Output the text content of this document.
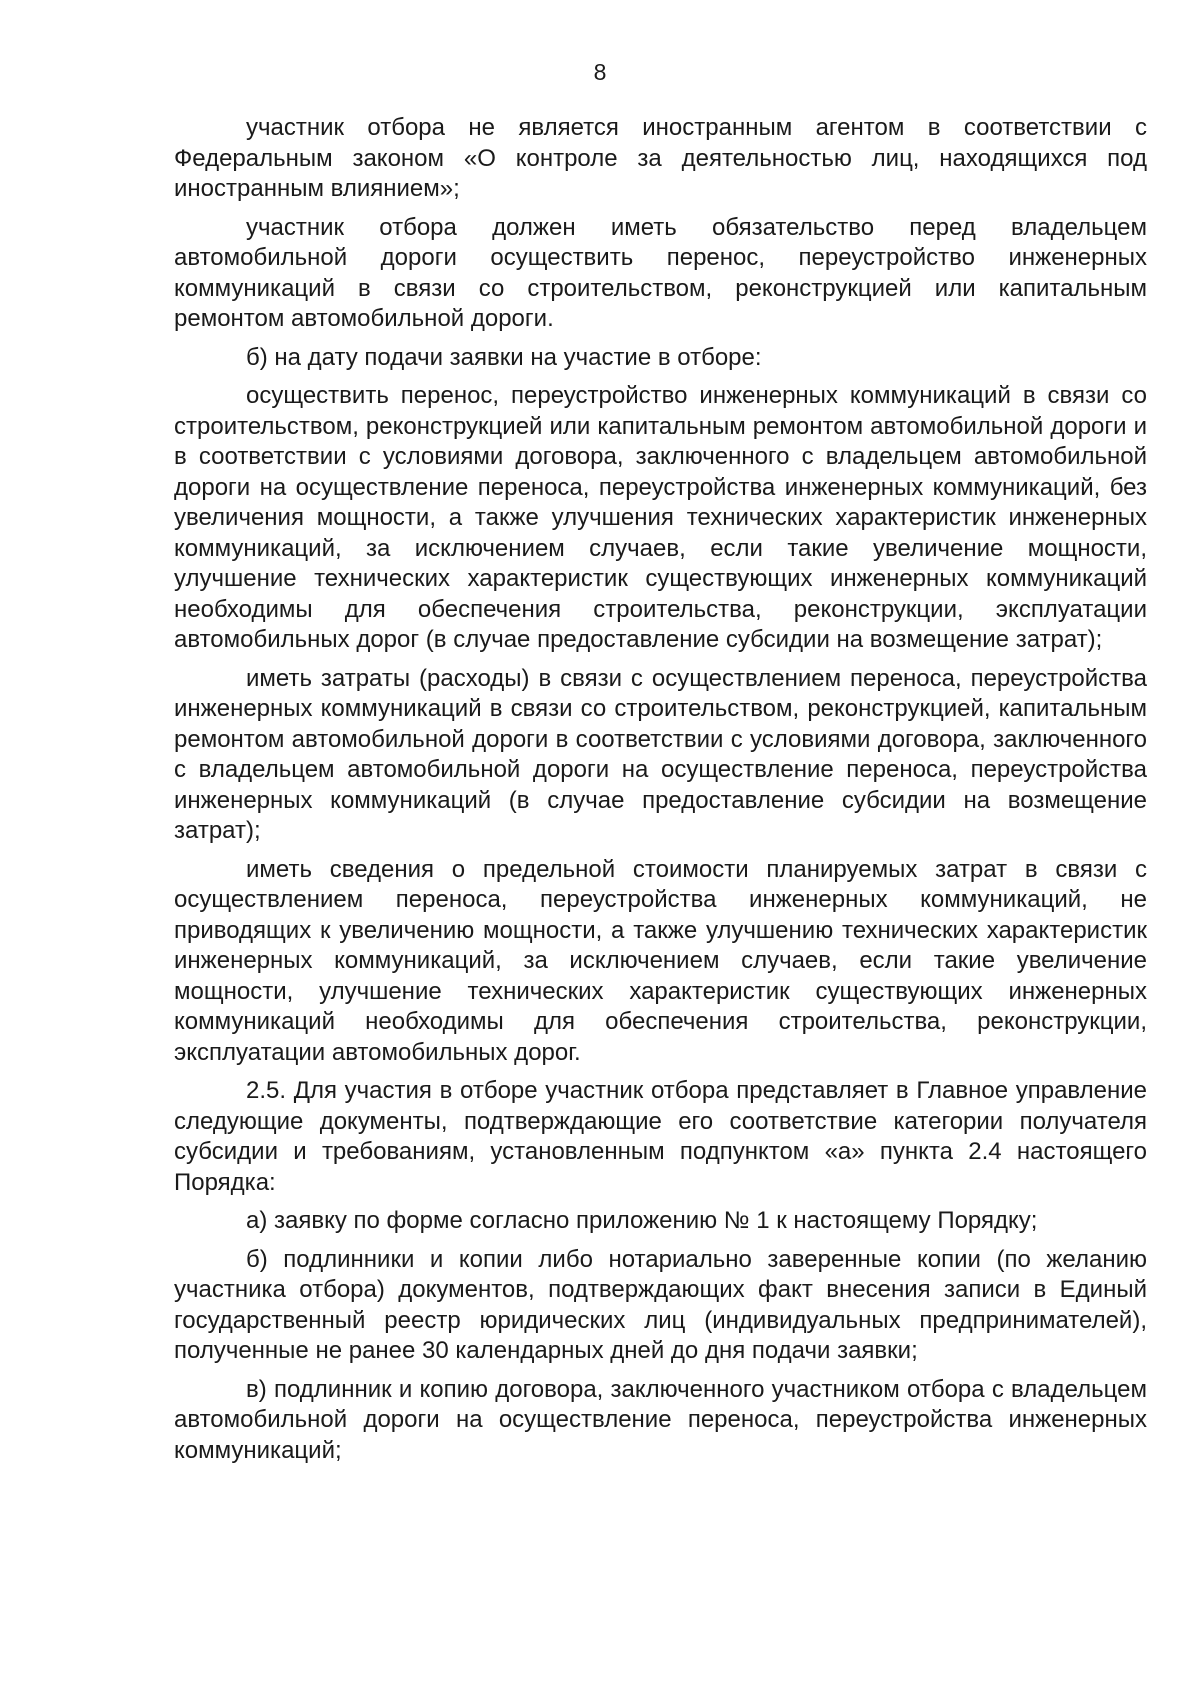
8

участник отбора не является иностранным агентом в соответствии с Федеральным законом «О контроле за деятельностью лиц, находящихся под иностранным влиянием»;

участник отбора должен иметь обязательство перед владельцем автомобильной дороги осуществить перенос, переустройство инженерных коммуникаций в связи со строительством, реконструкцией или капитальным ремонтом автомобильной дороги.

б) на дату подачи заявки на участие в отборе:

осуществить перенос, переустройство инженерных коммуникаций в связи со строительством, реконструкцией или капитальным ремонтом автомобильной дороги и в соответствии с условиями договора, заключенного с владельцем автомобильной дороги на осуществление переноса, переустройства инженерных коммуникаций, без увеличения мощности, а также улучшения технических характеристик инженерных коммуникаций, за исключением случаев, если такие увеличение мощности, улучшение технических характеристик существующих инженерных коммуникаций необходимы для обеспечения строительства, реконструкции, эксплуатации автомобильных дорог (в случае предоставление субсидии на возмещение затрат);

иметь затраты (расходы) в связи с осуществлением переноса, переустройства инженерных коммуникаций в связи со строительством, реконструкцией, капитальным ремонтом автомобильной дороги в соответствии с условиями договора, заключенного с владельцем автомобильной дороги на осуществление переноса, переустройства инженерных коммуникаций (в случае предоставление субсидии на возмещение затрат);

иметь сведения о предельной стоимости планируемых затрат в связи с осуществлением переноса, переустройства инженерных коммуникаций, не приводящих к увеличению мощности, а также улучшению технических характеристик инженерных коммуникаций, за исключением случаев, если такие увеличение мощности, улучшение технических характеристик существующих инженерных коммуникаций необходимы для обеспечения строительства, реконструкции, эксплуатации автомобильных дорог.

2.5. Для участия в отборе участник отбора представляет в Главное управление следующие документы, подтверждающие его соответствие категории получателя субсидии и требованиям, установленным подпунктом «а» пункта 2.4 настоящего Порядка:

а) заявку по форме согласно приложению № 1 к настоящему Порядку;

б) подлинники и копии либо нотариально заверенные копии (по желанию участника отбора) документов, подтверждающих факт внесения записи в Единый государственный реестр юридических лиц (индивидуальных предпринимателей), полученные не ранее 30 календарных дней до дня подачи заявки;

в) подлинник и копию договора, заключенного участником отбора с владельцем автомобильной дороги на осуществление переноса, переустройства инженерных коммуникаций;
